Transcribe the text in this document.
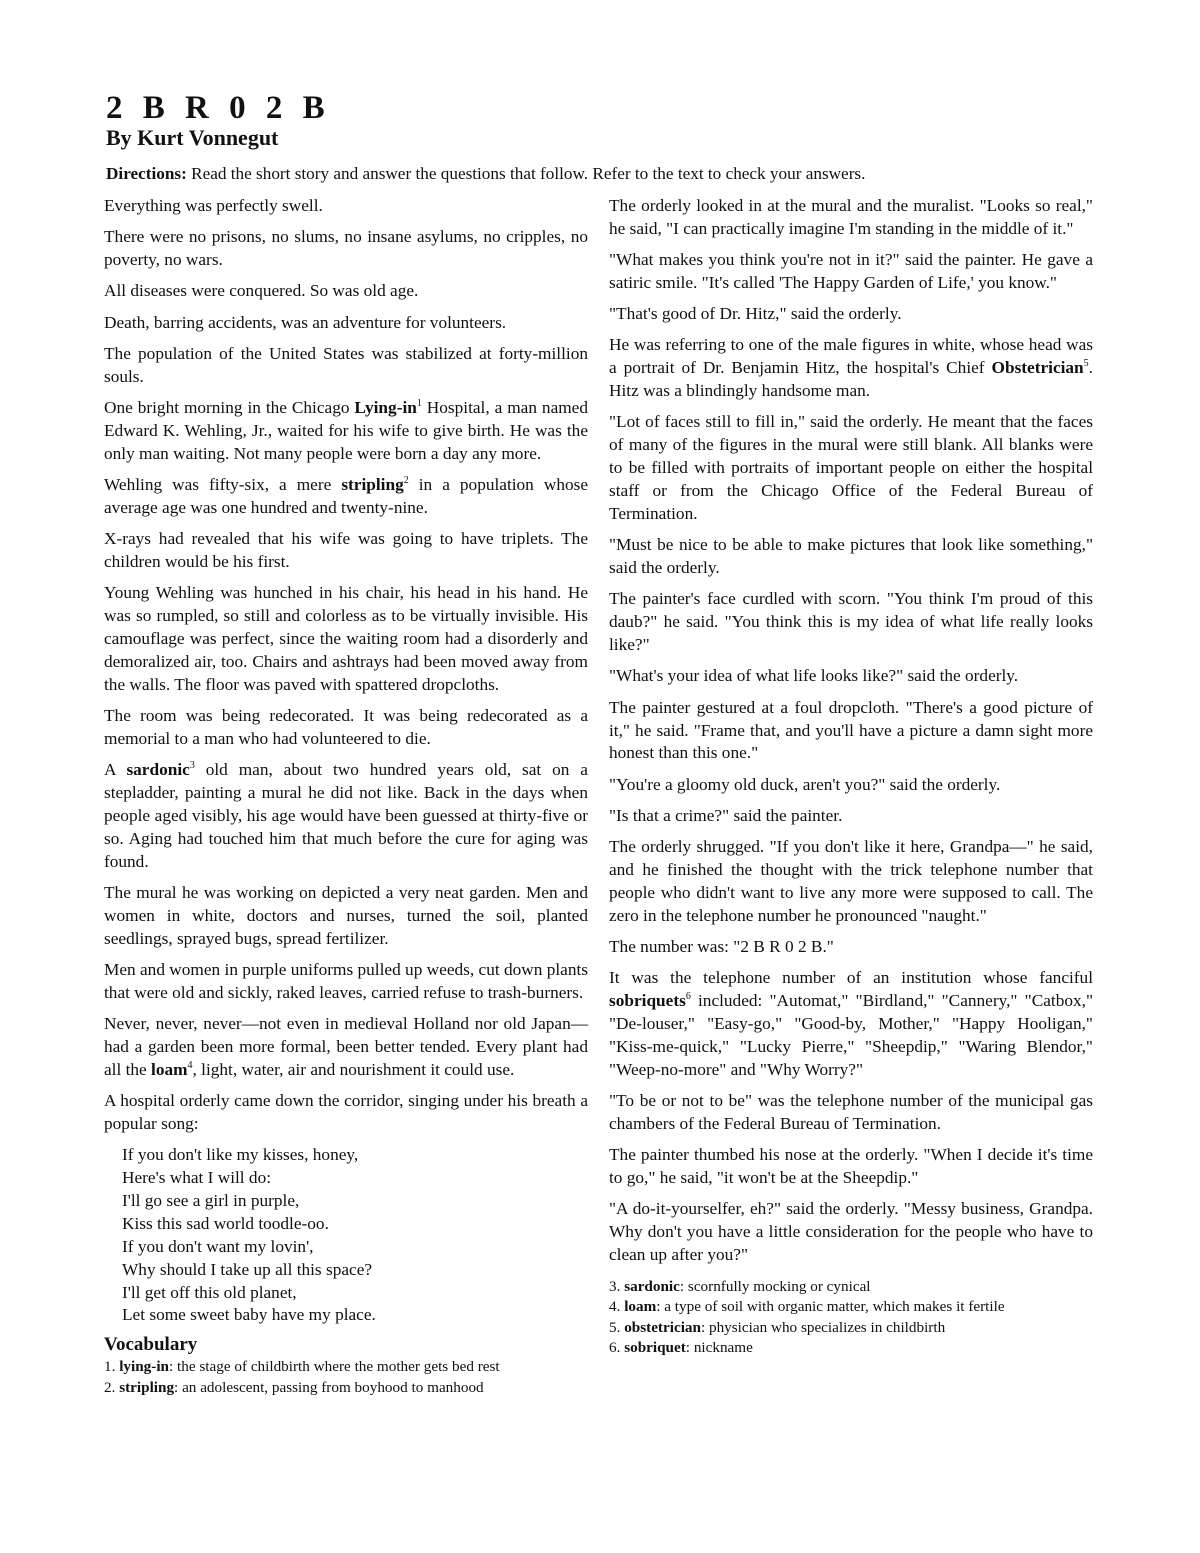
2 B R 0 2 B
By Kurt Vonnegut

Directions: Read the short story and answer the questions that follow. Refer to the text to check your answers.

Everything was perfectly swell.

There were no prisons, no slums, no insane asylums, no cripples, no poverty, no wars.

All diseases were conquered. So was old age.

Death, barring accidents, was an adventure for volunteers.

The population of the United States was stabilized at forty-million souls.

One bright morning in the Chicago Lying-$in^1$ Hospital, a man named Edward K. Wehling, Jr., waited for his wife to give birth. He was the only man waiting. Not many people were born a day any more.

Wehling was fifty-six, a mere stripling$^2$ in a population whose average age was one hundred and twenty-nine.

X-rays had revealed that his wife was going to have triplets. The children would be his first.

Young Wehling was hunched in his chair, his head in his hand. He was so rumpled, so still and colorless as to be virtually invisible. His camouflage was perfect, since the waiting room had a disorderly and demoralized air, too. Chairs and ashtrays had been moved away from the walls. The floor was paved with spattered dropcloths.

The room was being redecorated. It was being redecorated as a memorial to a man who had volunteered to die.

A sardonic$^3$ old man, about two hundred years old, sat on a stepladder, painting a mural he did not like. Back in the days when people aged visibly, his age would have been guessed at thirty-five or so. Aging had touched him that much before the cure for aging was found.

The mural he was working on depicted a very neat garden. Men and women in white, doctors and nurses, turned the soil, planted seedlings, sprayed bugs, spread fertilizer.

Men and women in purple uniforms pulled up weeds, cut down plants that were old and sickly, raked leaves, carried refuse to trash-burners.

Never, never, never—not even in medieval Holland nor old Japan—had a garden been more formal, been better tended. Every plant had all the loam$^4$, light, water, air and nourishment it could use.

A hospital orderly came down the corridor, singing under his breath a popular song:

If you don't like my kisses, honey,
Here's what I will do:
I'll go see a girl in purple,
Kiss this sad world toodle-oo.
If you don't want my lovin',
Why should I take up all this space?
I'll get off this old planet,
Let some sweet baby have my place.
Vocabulary
1. lying-in: the stage of childbirth where the mother gets bed rest
2. stripling: an adolescent, passing from boyhood to manhood

The orderly looked in at the mural and the muralist. "Looks so real," he said, "I can practically imagine I'm standing in the middle of it."

"What makes you think you're not in it?" said the painter. He gave a satiric smile. "It's called 'The Happy Garden of Life,' you know."

"That's good of Dr. Hitz," said the orderly.

He was referring to one of the male figures in white, whose head was a portrait of Dr. Benjamin Hitz, the hospital's Chief Obstetrician$^5$. Hitz was a blindingly handsome man.

"Lot of faces still to fill in," said the orderly. He meant that the faces of many of the figures in the mural were still blank. All blanks were to be filled with portraits of important people on either the hospital staff or from the Chicago Office of the Federal Bureau of Termination.

"Must be nice to be able to make pictures that look like something," said the orderly.

The painter's face curdled with scorn. "You think I'm proud of this daub?" he said. "You think this is my idea of what life really looks like?"

"What's your idea of what life looks like?" said the orderly.

The painter gestured at a foul dropcloth. "There's a good picture of it," he said. "Frame that, and you'll have a picture a damn sight more honest than this one."

"You're a gloomy old duck, aren't you?" said the orderly.

"Is that a crime?" said the painter.

The orderly shrugged. "If you don't like it here, Grandpa—" he said, and he finished the thought with the trick telephone number that people who didn't want to live any more were supposed to call. The zero in the telephone number he pronounced "naught."

The number was: "2 B R 0 2 B."

It was the telephone number of an institution whose fanciful sobriquets$^6$ included: "Automat," "Birdland," "Cannery," "Catbox," "De-louser," "Easy-go," "Good-by, Mother," "Happy Hooligan," "Kiss-me-quick," "Lucky Pierre," "Sheepdip," "Waring Blendor," "Weep-no-more" and "Why Worry?"

"To be or not to be" was the telephone number of the municipal gas chambers of the Federal Bureau of Termination.

The painter thumbed his nose at the orderly. "When I decide it's time to go," he said, "it won't be at the Sheepdip."

"A do-it-yourselfer, eh?" said the orderly. "Messy business, Grandpa. Why don't you have a little consideration for the people who have to clean up after you?"

3. sardonic: scornfully mocking or cynical
4. loam: a type of soil with organic matter, which makes it fertile
5. obstetrician: physician who specializes in childbirth
6. sobriquet: nickname
